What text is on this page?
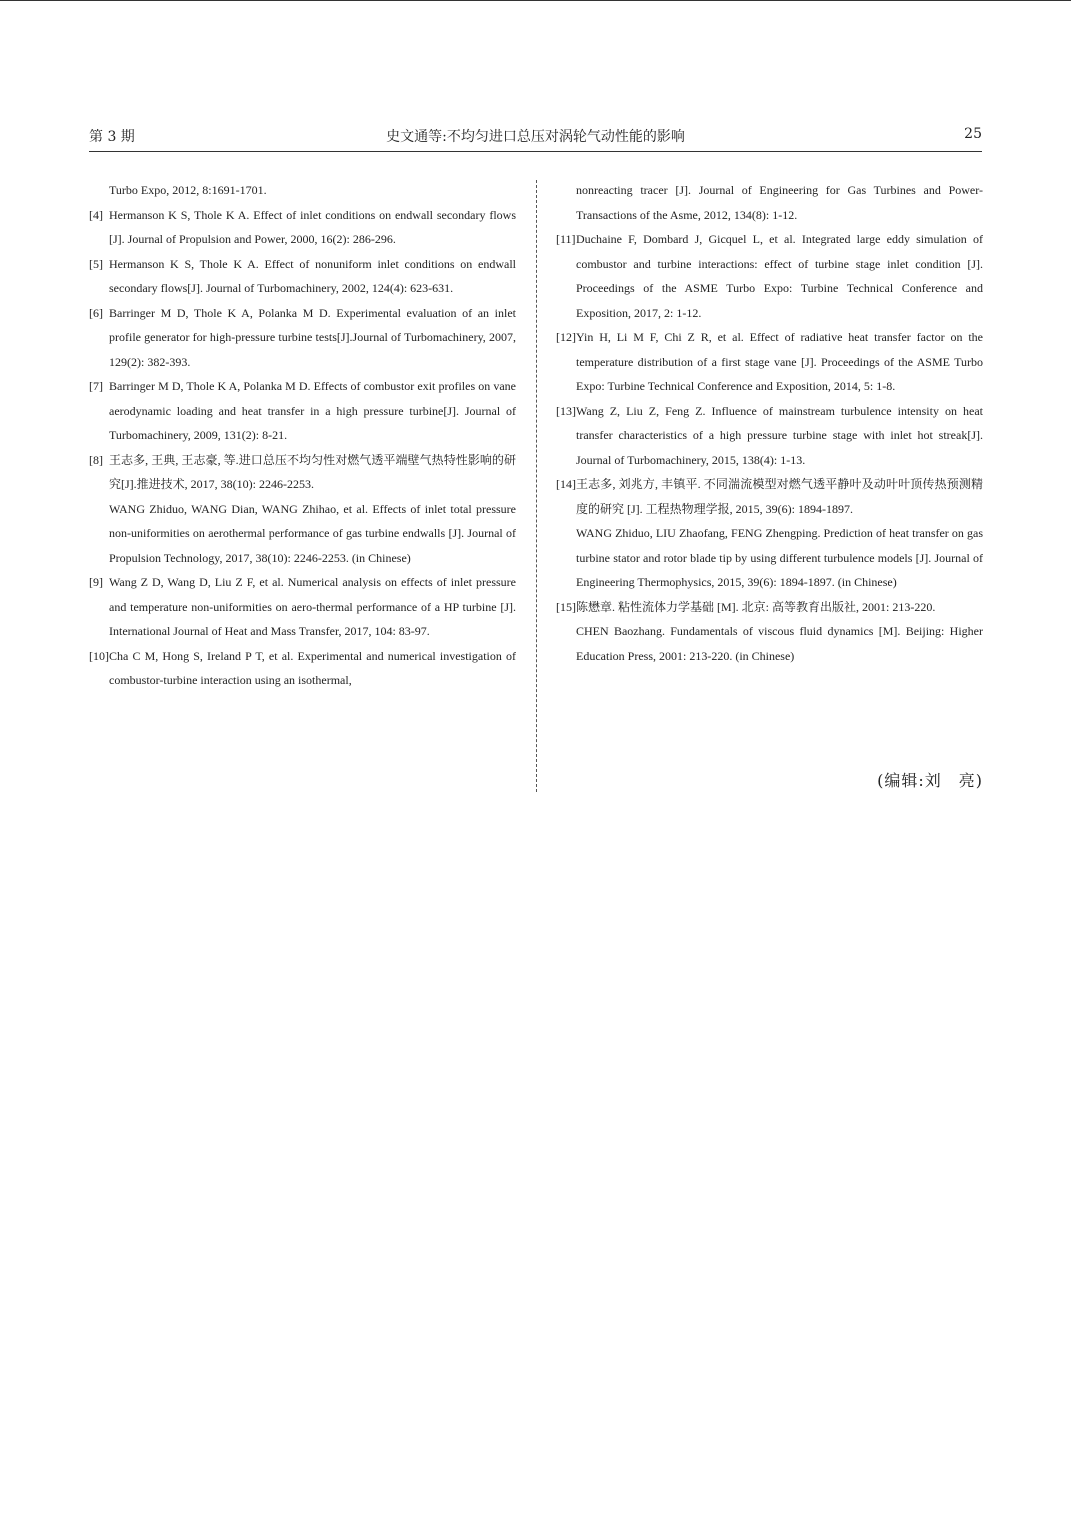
第 3 期	史文通等:不均匀进口总压对涡轮气动性能的影响	25
Turbo Expo, 2012, 8:1691-1701.
[4] Hermanson K S, Thole K A. Effect of inlet conditions on endwall secondary flows [J]. Journal of Propulsion and Power, 2000, 16(2): 286-296.
[5] Hermanson K S, Thole K A. Effect of nonuniform inlet conditions on endwall secondary flows[J]. Journal of Turbomachinery, 2002, 124(4): 623-631.
[6] Barringer M D, Thole K A, Polanka M D. Experimental evaluation of an inlet profile generator for high-pressure turbine tests[J].Journal of Turbomachinery, 2007, 129(2): 382-393.
[7] Barringer M D, Thole K A, Polanka M D. Effects of combustor exit profiles on vane aerodynamic loading and heat transfer in a high pressure turbine[J]. Journal of Turbomachinery, 2009, 131(2): 8-21.
[8] 王志多, 王典, 王志豪, 等.进口总压不均匀性对燃气透平端壁气热特性影响的研究[J].推进技术, 2017, 38(10): 2246-2253.
WANG Zhiduo, WANG Dian, WANG Zhihao, et al. Effects of inlet total pressure non-uniformities on aerothermal performance of gas turbine endwalls [J]. Journal of Propulsion Technology, 2017, 38(10): 2246-2253. (in Chinese)
[9] Wang Z D, Wang D, Liu Z F, et al. Numerical analysis on effects of inlet pressure and temperature non-uniformities on aero-thermal performance of a HP turbine [J]. International Journal of Heat and Mass Transfer, 2017, 104: 83-97.
[10] Cha C M, Hong S, Ireland P T, et al. Experimental and numerical investigation of combustor-turbine interaction using an isothermal,
nonreacting tracer [J]. Journal of Engineering for Gas Turbines and Power-Transactions of the Asme, 2012, 134(8): 1-12.
[11] Duchaine F, Dombard J, Gicquel L, et al. Integrated large eddy simulation of combustor and turbine interactions: effect of turbine stage inlet condition [J]. Proceedings of the ASME Turbo Expo: Turbine Technical Conference and Exposition, 2017, 2: 1-12.
[12] Yin H, Li M F, Chi Z R, et al. Effect of radiative heat transfer factor on the temperature distribution of a first stage vane [J]. Proceedings of the ASME Turbo Expo: Turbine Technical Conference and Exposition, 2014, 5: 1-8.
[13] Wang Z, Liu Z, Feng Z. Influence of mainstream turbulence intensity on heat transfer characteristics of a high pressure turbine stage with inlet hot streak[J]. Journal of Turbomachinery, 2015, 138(4): 1-13.
[14] 王志多, 刘兆方, 丰镇平. 不同湍流模型对燃气透平静叶及动叶叶顶传热预测精度的研究 [J]. 工程热物理学报, 2015, 39(6): 1894-1897.
WANG Zhiduo, LIU Zhaofang, FENG Zhengping. Prediction of heat transfer on gas turbine stator and rotor blade tip by using different turbulence models [J]. Journal of Engineering Thermophysics, 2015, 39(6): 1894-1897. (in Chinese)
[15] 陈懋章. 粘性流体力学基础 [M]. 北京: 高等教育出版社, 2001: 213-220.
CHEN Baozhang. Fundamentals of viscous fluid dynamics [M]. Beijing: Higher Education Press, 2001: 213-220. (in Chinese)
(编辑:刘　亮)
